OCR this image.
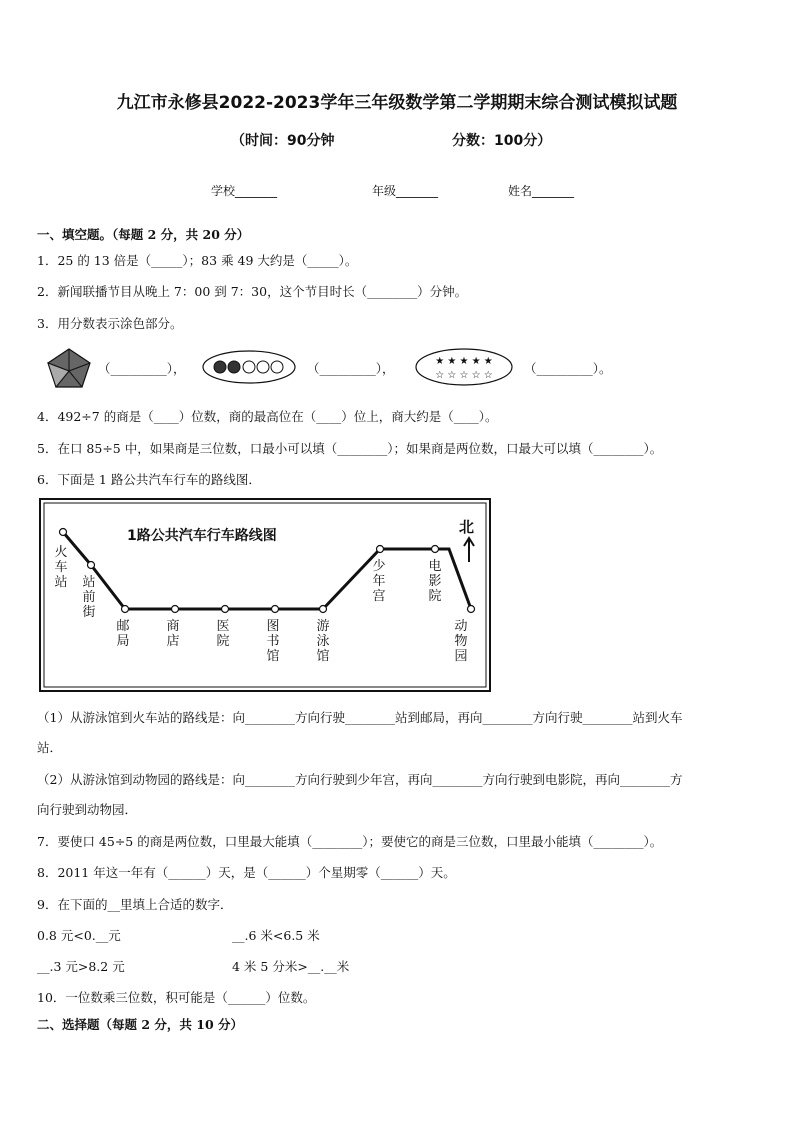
九江市永修县2022-2023学年三年级数学第二学期期末综合测试模拟试题
（时间：90分钟	分数：100分）
学校_______	年级_______	姓名_______
一、填空题。（每题 2 分，共 20 分）
1．25 的 13 倍是（_____）；83 乘 49 大约是（_____）。
2．新闻联播节目从晚上 7：00 到 7：30，这个节目时长（________）分钟。
3．用分数表示涂色部分。
（_________），	（_________），	★ ★ ★ ★ ★
☆ ☆ ☆ ☆ ☆ （_________）。
4．492÷7 的商是（____）位数，商的最高位在（____）位上，商大约是（____）。
5．在口 85÷5 中，如果商是三位数，口最小可以填（________）；如果商是两位数，口最大可以填（________）。
6．下面是 1 路公共汽车行车的路线图．
1路公共汽车行车路线图	北
火车站 站前街
邮局
商店
医院
图书馆
游泳馆
少年宫
电影院
动物园
（1）从游泳馆到火车站的路线是：向________方向行驶________站到邮局，再向________方向行驶________站到火车
站．
（2）从游泳馆到动物园的路线是：向________方向行驶到少年宫，再向________方向行驶到电影院，再向________方
向行驶到动物园．
7．要使口 45÷5 的商是两位数，口里最大能填（________）；要使它的商是三位数，口里最小能填（________）。
8．2011 年这一年有（______）天，是（______）个星期零（______）天。
9．在下面的__里填上合适的数字．
0.8 元<0.__元	__.6 米<6.5 米
__.3 元>8.2 元	4 米 5 分米>__.__米
10．一位数乘三位数，积可能是（______）位数。
二、选择题（每题 2 分，共 10 分）
